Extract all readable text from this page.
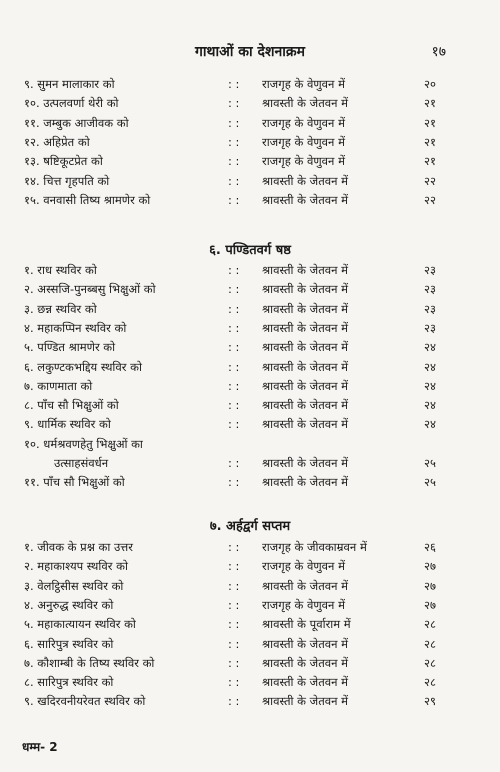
गाथाओं का देशनाक्रम	१७
९. सुमन मालाकार को	: : राजगृह के वेणुवन में	२०
१०. उत्पलवर्णा थेरी को	: : श्रावस्ती के जेतवन में	२१
११. जम्बुक आजीवक को	: : राजगृह के वेणुवन में	२१
१२. अहिप्रेत को	: : राजगृह के वेणुवन में	२१
१३. षष्टिकूटप्रेत को	: : राजगृह के वेणुवन में	२१
१४. चित्त गृहपति को	: : श्रावस्ती के जेतवन में	२२
१५. वनवासी तिष्य श्रामणेर को	: : श्रावस्ती के जेतवन में	२२
६. पण्डितवर्ग षष्ठ
१. राध स्थविर को	: : श्रावस्ती के जेतवन में	२३
२. अस्सजि-पुनब्बसु भिक्षुओं को	: : श्रावस्ती के जेतवन में	२३
३. छन्न स्थविर को	: : श्रावस्ती के जेतवन में	२३
४. महाकप्पिन स्थविर को	: : श्रावस्ती के जेतवन में	२३
५. पण्डित श्रामणेर को	: : श्रावस्ती के जेतवन में	२४
६. लकुण्टकभद्दिय स्थविर को	: : श्रावस्ती के जेतवन में	२४
७. काणमाता को	: : श्रावस्ती के जेतवन में	२४
८. पाँच सौ भिक्षुओं को	: : श्रावस्ती के जेतवन में	२४
९. धार्मिक स्थविर को	: : श्रावस्ती के जेतवन में	२४
१०. धर्मश्रवणहेतु भिक्षुओं का
उत्साहसंवर्धन	: : श्रावस्ती के जेतवन में	२५
११. पाँच सौ भिक्षुओं को	: : श्रावस्ती के जेतवन में	२५
७. अर्हद्वर्ग सप्तम
१. जीवक के प्रश्न का उत्तर	: : राजगृह के जीवकाम्रवन में	२६
२. महाकाश्यप स्थविर को	: : राजगृह के वेणुवन में	२७
३. वेलट्ठिसीस स्थविर को	: : श्रावस्ती के जेतवन में	२७
४. अनुरुद्ध स्थविर को	: : राजगृह के वेणुवन में	२७
५. महाकात्यायन स्थविर को	: : श्रावस्ती के पूर्वाराम में	२८
६. सारिपुत्र स्थविर को	: : श्रावस्ती के जेतवन में	२८
७. कौशाम्बी के तिष्य स्थविर को	: : श्रावस्ती के जेतवन में	२८
८. सारिपुत्र स्थविर को	: : श्रावस्ती के जेतवन में	२८
९. खदिरवनीयरेवत स्थविर को	: : श्रावस्ती के जेतवन में	२९
धम्म- 2
